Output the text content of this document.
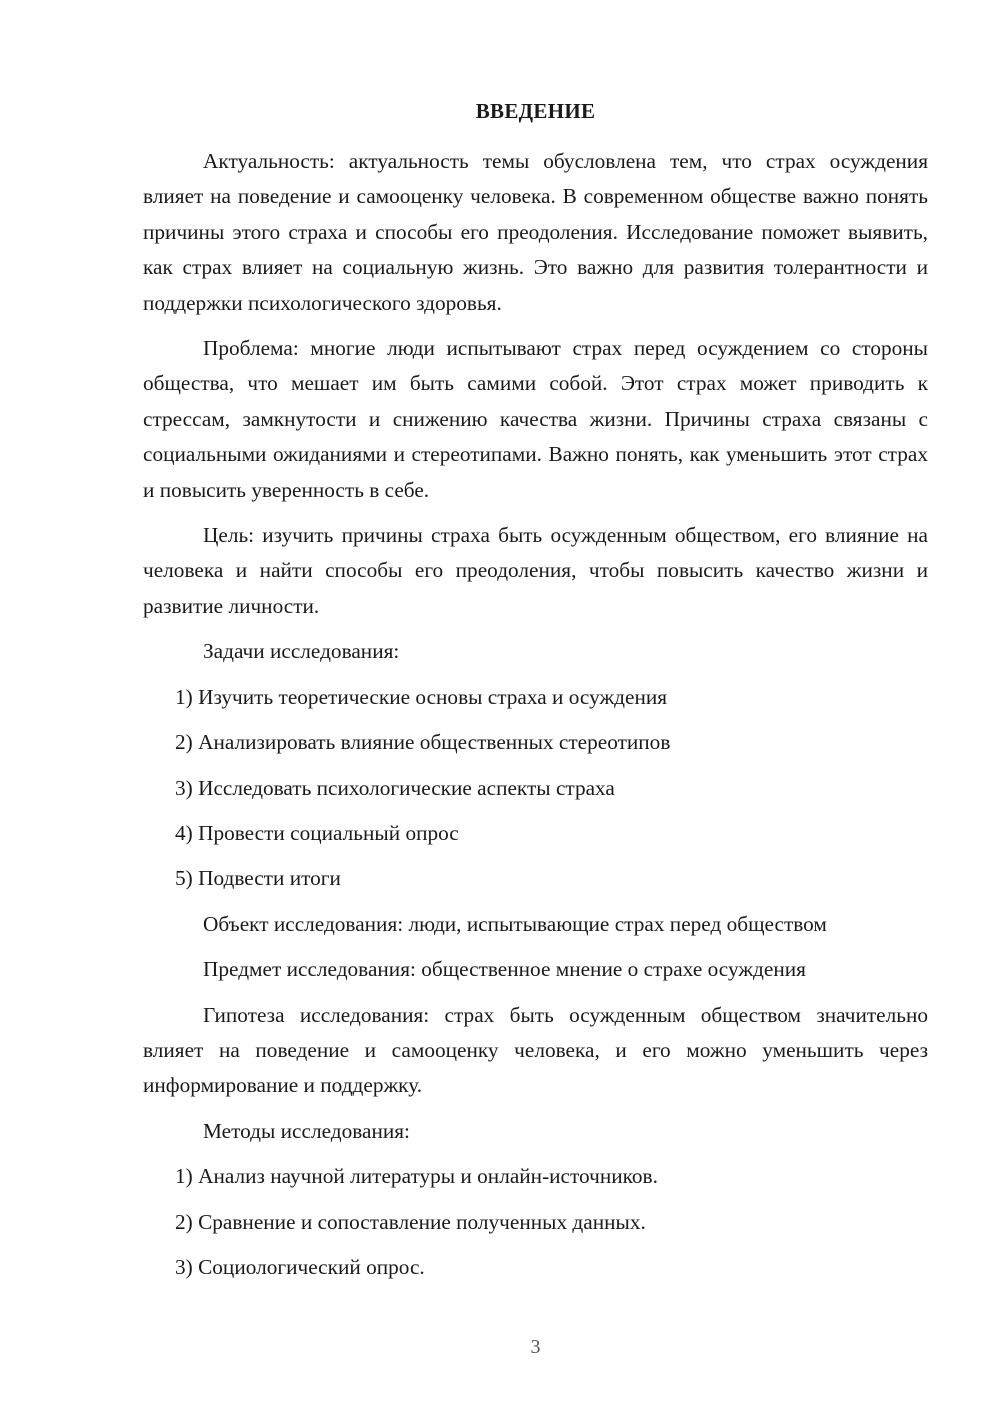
ВВЕДЕНИЕ

Актуальность: актуальность темы обусловлена тем, что страх осуждения влияет на поведение и самооценку человека. В современном обществе важно понять причины этого страха и способы его преодоления. Исследование поможет выявить, как страх влияет на социальную жизнь. Это важно для развития толерантности и поддержки психологического здоровья.

Проблема: многие люди испытывают страх перед осуждением со стороны общества, что мешает им быть самими собой. Этот страх может приводить к стрессам, замкнутости и снижению качества жизни. Причины страха связаны с социальными ожиданиями и стереотипами. Важно понять, как уменьшить этот страх и повысить уверенность в себе.

Цель: изучить причины страха быть осужденным обществом, его влияние на человека и найти способы его преодоления, чтобы повысить качество жизни и развитие личности.

Задачи исследования:

1) Изучить теоретические основы страха и осуждения

2) Анализировать влияние общественных стереотипов

3) Исследовать психологические аспекты страха

4) Провести социальный опрос

5) Подвести итоги

Объект исследования: люди, испытывающие страх перед обществом

Предмет исследования: общественное мнение о страхе осуждения

Гипотеза исследования: страх быть осужденным обществом значительно влияет на поведение и самооценку человека, и его можно уменьшить через информирование и поддержку.

Методы исследования:

1) Анализ научной литературы и онлайн-источников.

2) Сравнение и сопоставление полученных данных.

3) Социологический опрос.

3
